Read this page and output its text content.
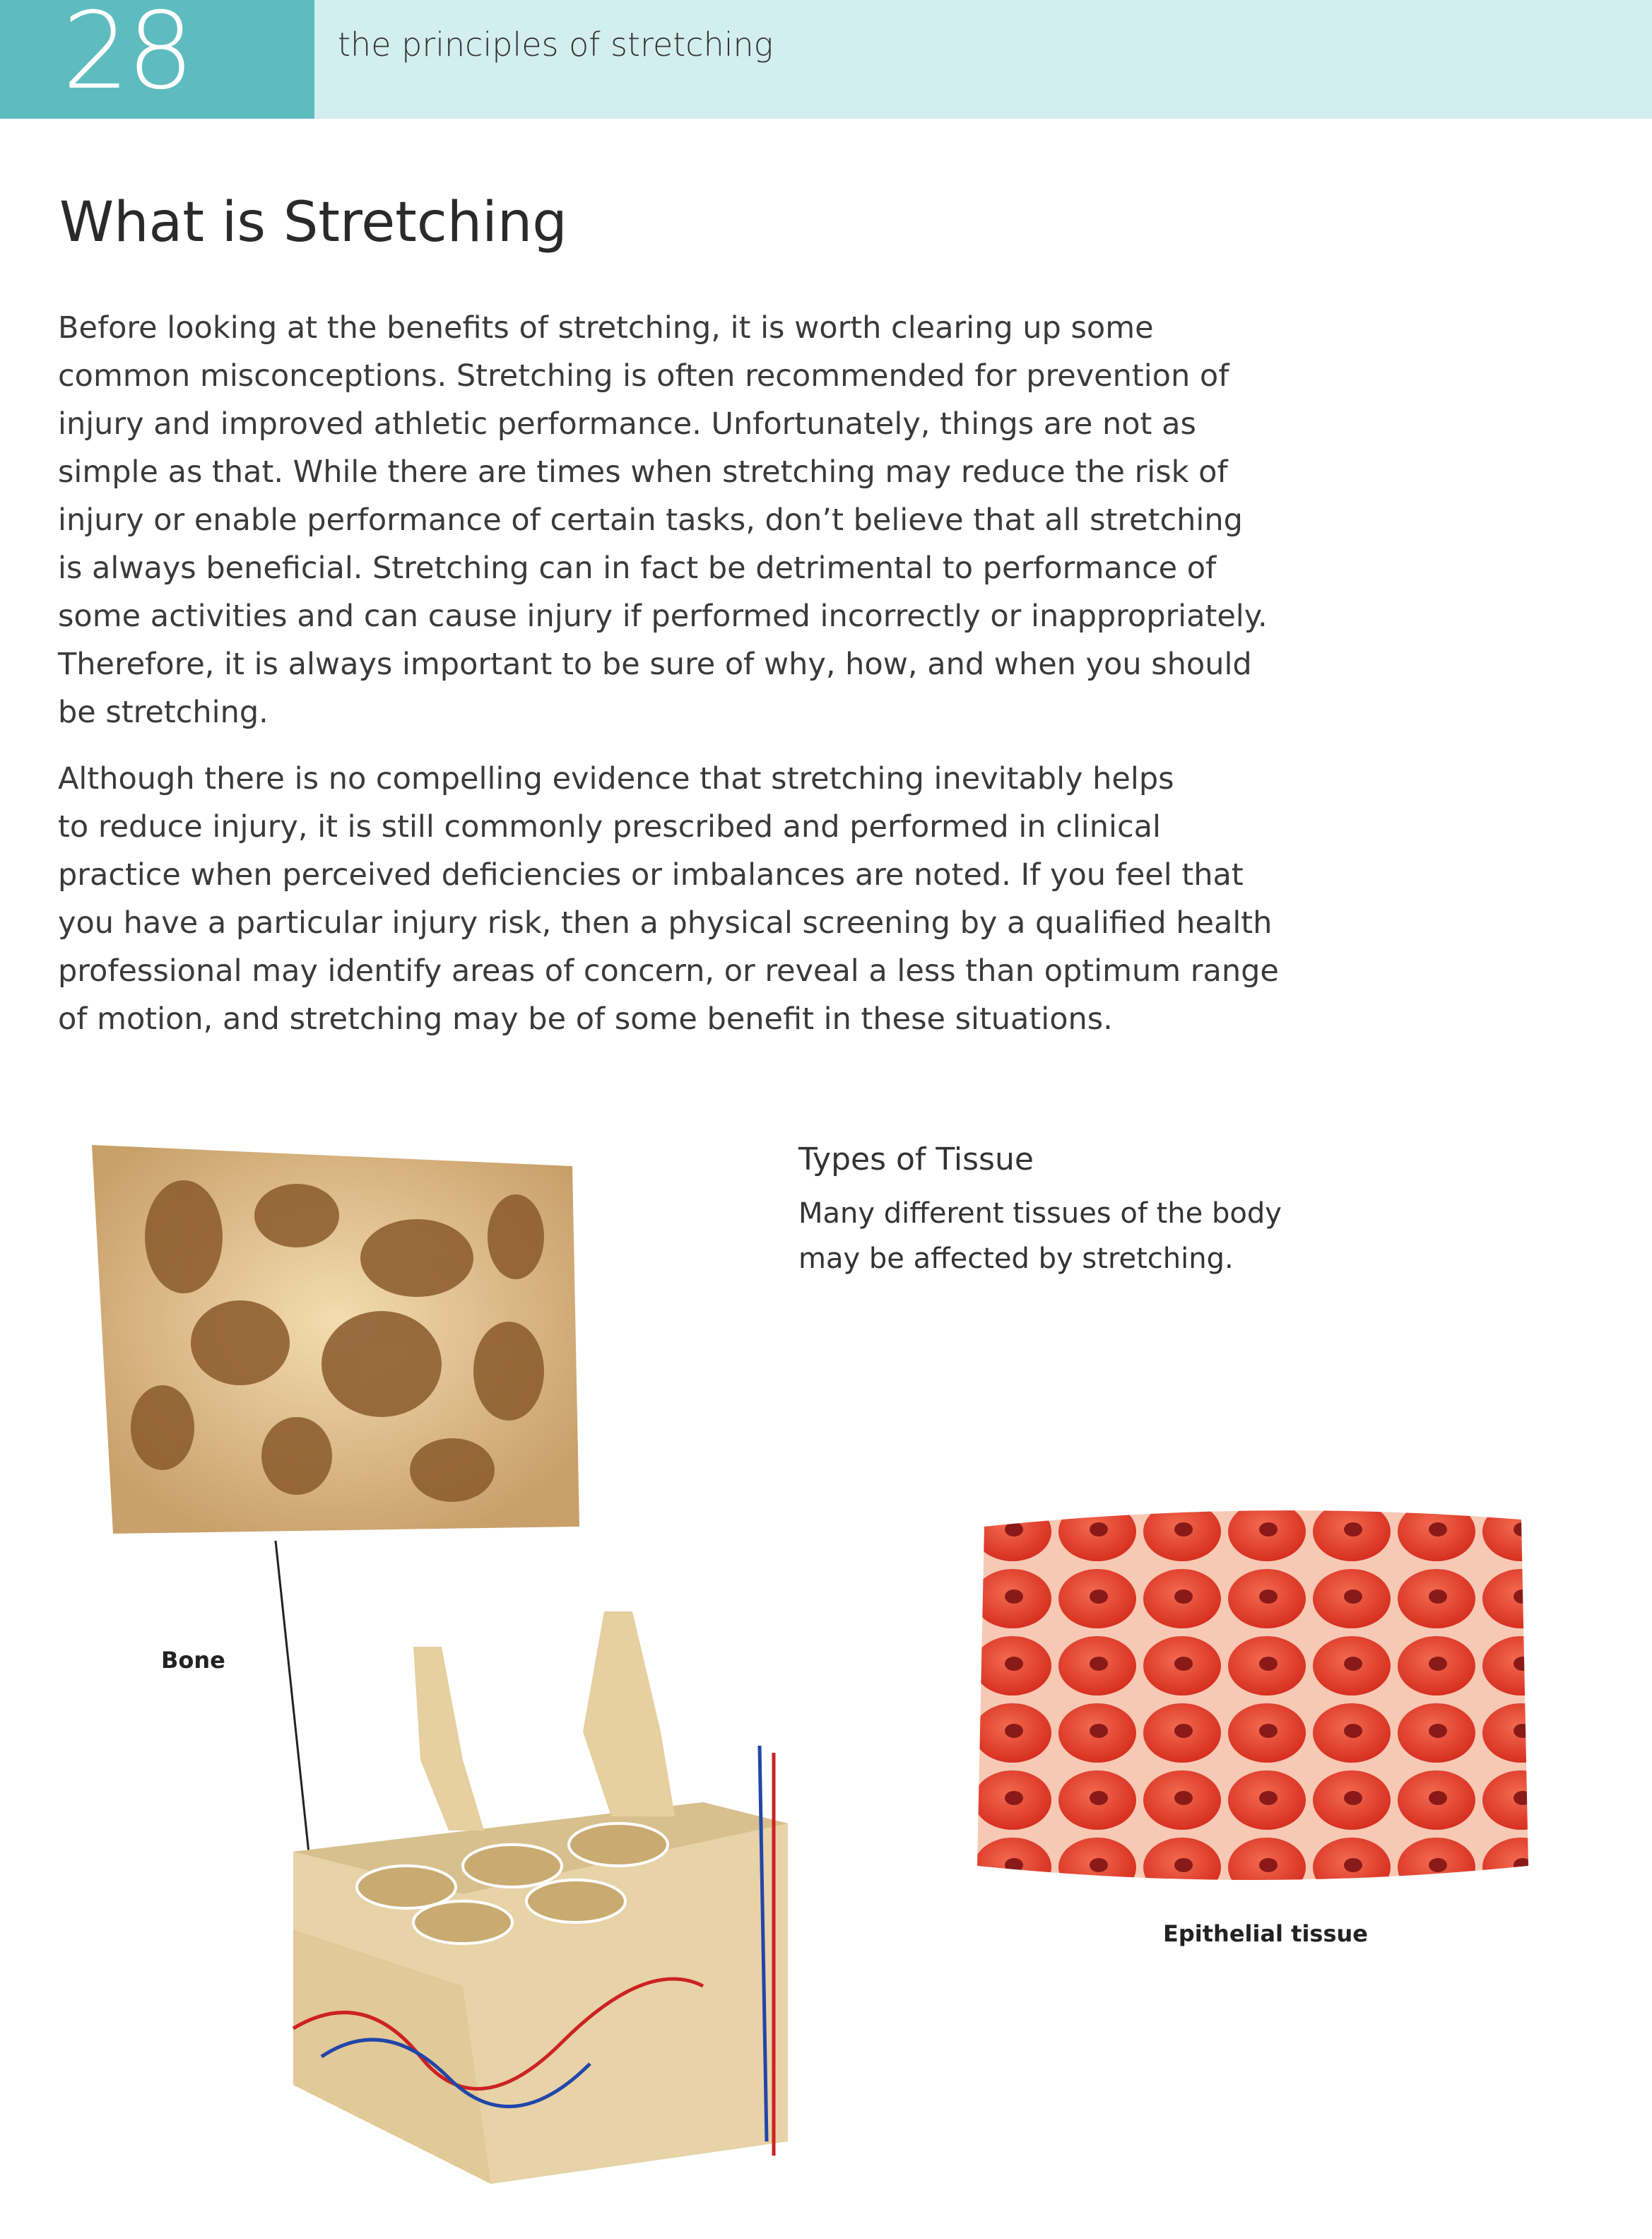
28	the principles of stretching
What is Stretching
Before looking at the benefits of stretching, it is worth clearing up some
common misconceptions. Stretching is often recommended for prevention of
injury and improved athletic performance. Unfortunately, things are not as
simple as that. While there are times when stretching may reduce the risk of
injury or enable performance of certain tasks, don’t believe that all stretching
is always beneficial. Stretching can in fact be detrimental to performance of
some activities and can cause injury if performed incorrectly or inappropriately.
Therefore, it is always important to be sure of why, how, and when you should
be stretching.
Although there is no compelling evidence that stretching inevitably helps
to reduce injury, it is still commonly prescribed and performed in clinical
practice when perceived deficiencies or imbalances are noted. If you feel that
you have a particular injury risk, then a physical screening by a qualified health
professional may identify areas of concern, or reveal a less than optimum range
of motion, and stretching may be of some benefit in these situations.
Types of Tissue
Many different tissues of the body
may be affected by stretching.
Bone
Epithelial tissue
